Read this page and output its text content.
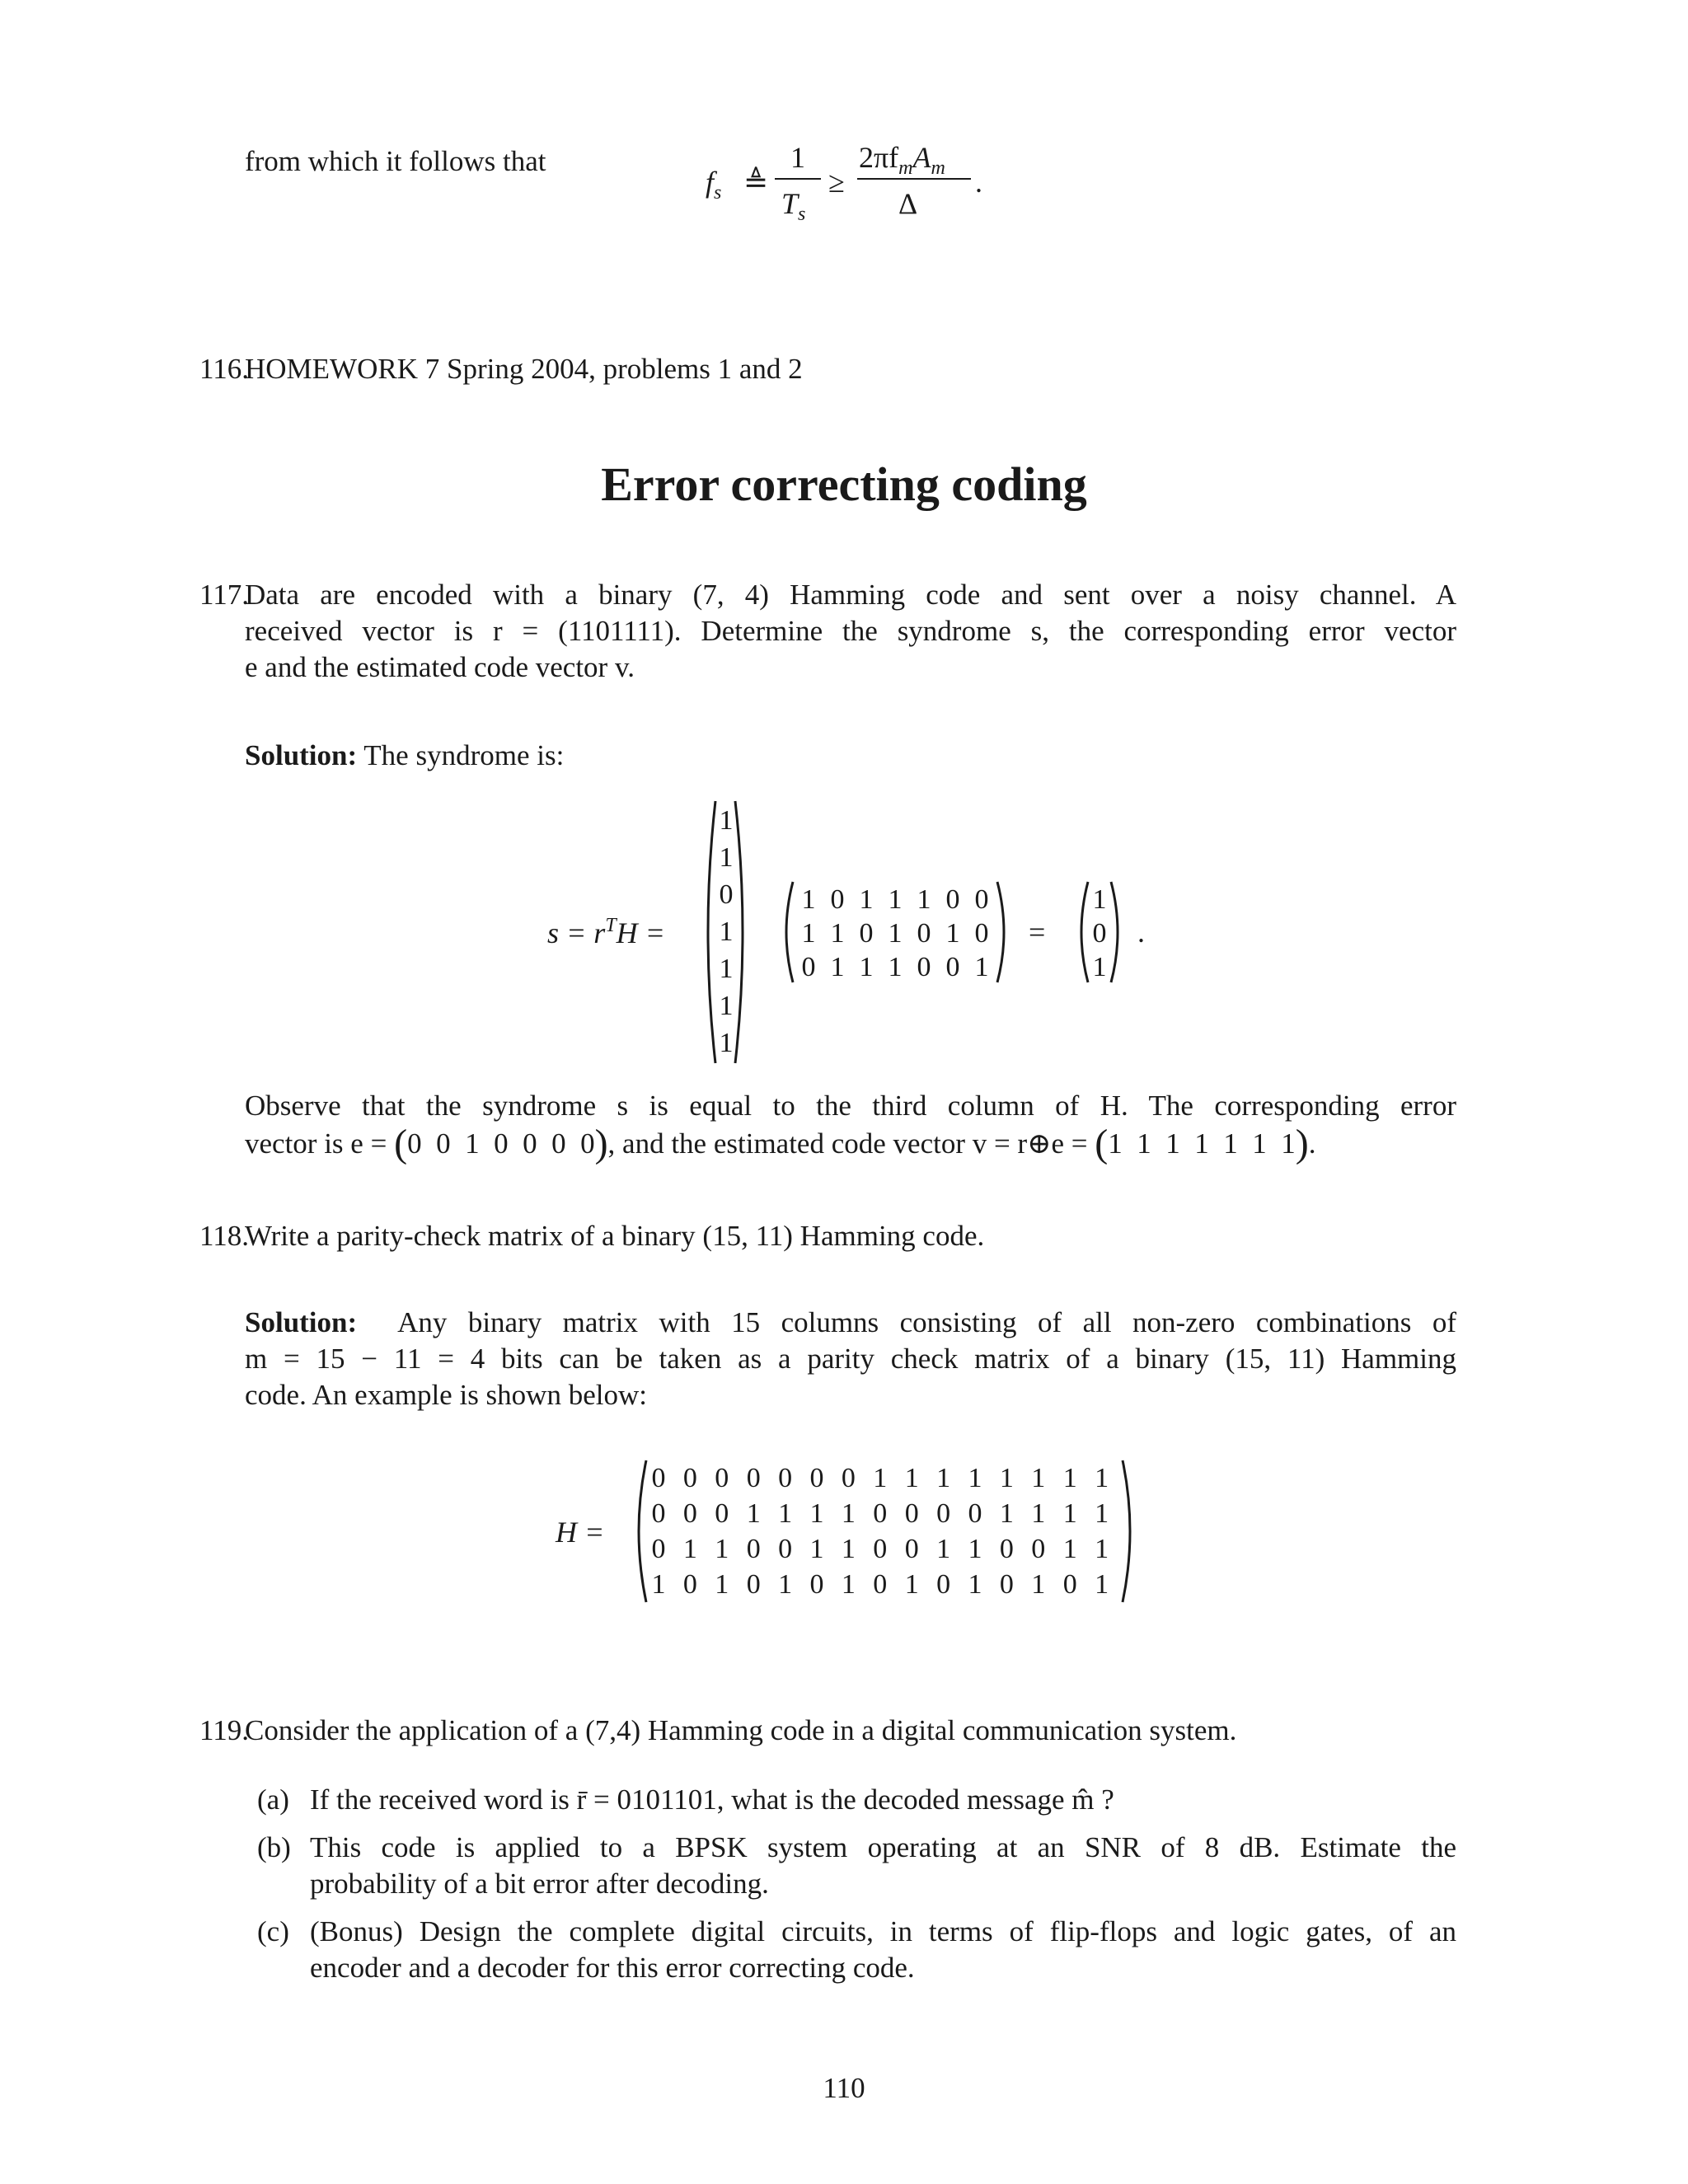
from which it follows that
$f_s$ ≜
1
$T_s$
≥
$2\pi f_mA_m$
Δ
.
116.
HOMEWORK 7 Spring 2004, problems 1 and 2
Error correcting coding
117.
Data are encoded with a binary (7, 4) Hamming code and sent over a noisy channel. A
received vector is r = (1101111). Determine the syndrome s, the corresponding error vector
e and the estimated code vector v.
Solution: The syndrome is:
$s = r^TH$ =
1
1
0
1
1
1
1
1 0 1 1 1 0 0
1 1 0 1 0 1 0
0 1 1 1 0 0 1
=
1
0
1
.
Observe that the syndrome s is equal to the third column of H. The corresponding error
vector is e = (0  0  1  0  0  0  0), and the estimated code vector v = r⊕e = (1  1  1  1  1  1  1).
118.
Write a parity-check matrix of a binary (15, 11) Hamming code.
Solution: Any binary matrix with 15 columns consisting of all non-zero combinations of
m = 15 − 11 = 4 bits can be taken as a parity check matrix of a binary (15, 11) Hamming
code. An example is shown below:
H =
0 0 0 0 0 0 0 1 1 1 1 1 1 1 1
0 0 0 1 1 1 1 0 0 0 0 1 1 1 1
0 1 1 0 0 1 1 0 0 1 1 0 0 1 1
1 0 1 0 1 0 1 0 1 0 1 0 1 0 1
119.
Consider the application of a (7,4) Hamming code in a digital communication system.
(a) If the received word is r̄ = 0101101, what is the decoded message m̂ ?
(b) This code is applied to a BPSK system operating at an SNR of 8 dB. Estimate the
probability of a bit error after decoding.
(c) (Bonus) Design the complete digital circuits, in terms of flip-flops and logic gates, of an
encoder and a decoder for this error correcting code.
110
